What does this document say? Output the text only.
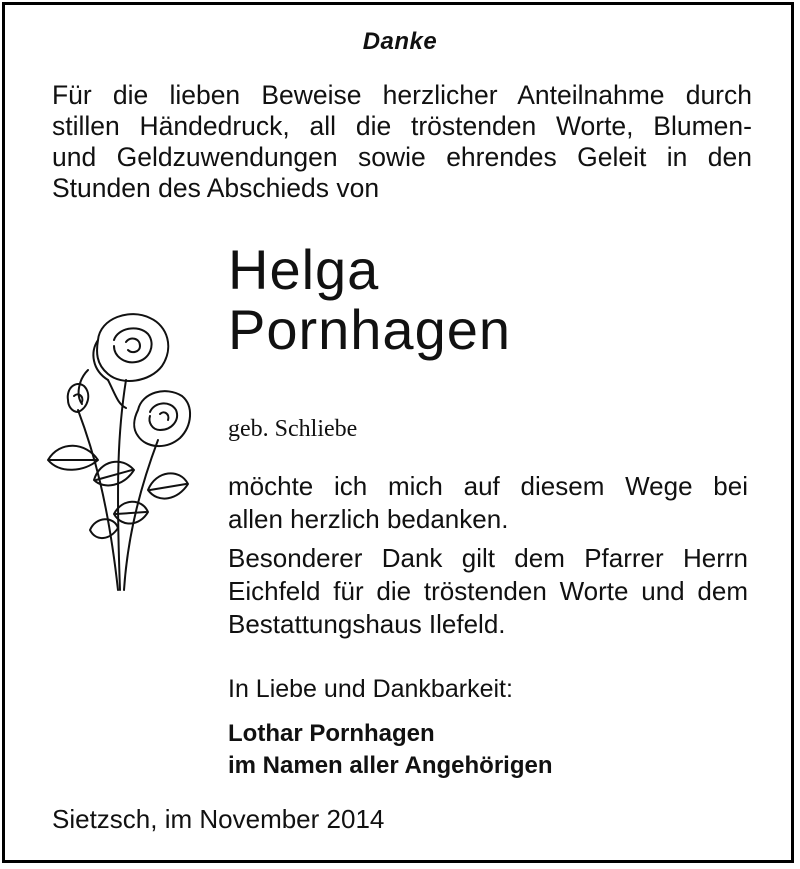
Danke
Für die lieben Beweise herzlicher Anteilnahme durch
stillen Händedruck, all die tröstenden Worte, Blumen-
und Geldzuwendungen sowie ehrendes Geleit in den
Stunden des Abschieds von
Helga
Pornhagen
geb. Schliebe
möchte ich mich auf diesem Wege bei
allen herzlich bedanken.
Besonderer Dank gilt dem Pfarrer Herrn
Eichfeld für die tröstenden Worte und dem
Bestattungshaus Ilefeld.
In Liebe und Dankbarkeit:
Lothar Pornhagen
im Namen aller Angehörigen
Sietzsch, im November 2014
